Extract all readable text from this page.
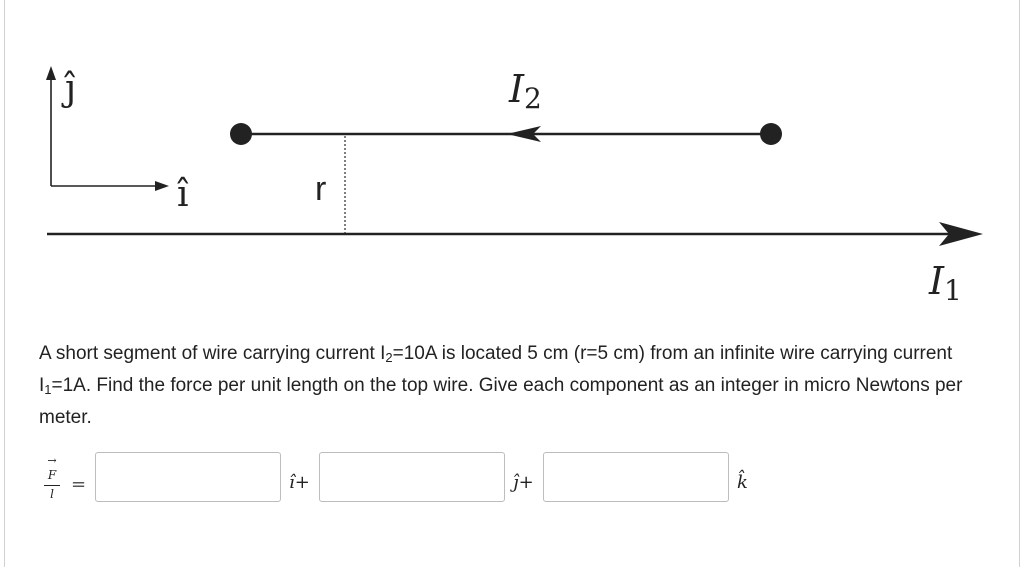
ĵ
î
I2
r
I1
A short segment of wire carrying current $I_2=10A$ is located 5 cm (r=5 cm) from an infinite wire carrying current $I_1=1A$. Find the force per unit length on the top wire. Give each component as an integer in micro Newtons per meter.
→
F
l =	î+	ĵ+	k̂
